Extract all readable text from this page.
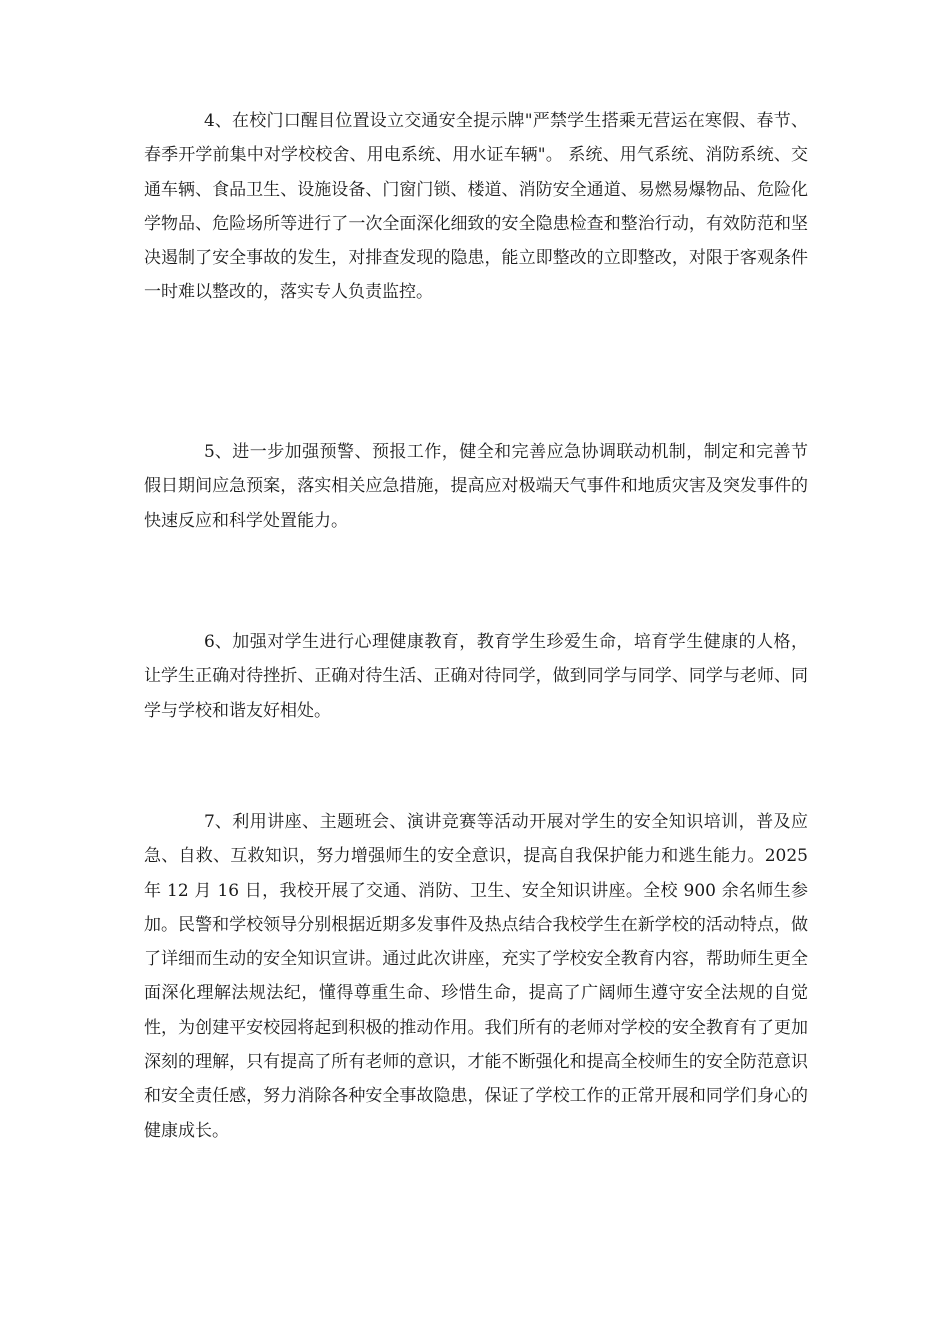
4、在校门口醒目位置设立交通安全提示牌"严禁学生搭乘无营运在寒假、春节、春季开学前集中对学校校舍、用电系统、用水证车辆"。 系统、用气系统、消防系统、交通车辆、食品卫生、设施设备、门窗门锁、楼道、消防安全通道、易燃易爆物品、危险化学物品、危险场所等进行了一次全面深化细致的安全隐患检查和整治行动，有效防范和坚决遏制了安全事故的发生，对排查发现的隐患，能立即整改的立即整改，对限于客观条件一时难以整改的，落实专人负责监控。

5、进一步加强预警、预报工作，健全和完善应急协调联动机制，制定和完善节假日期间应急预案，落实相关应急措施，提高应对极端天气事件和地质灾害及突发事件的快速反应和科学处置能力。

6、加强对学生进行心理健康教育，教育学生珍爱生命，培育学生健康的人格，让学生正确对待挫折、正确对待生活、正确对待同学，做到同学与同学、同学与老师、同学与学校和谐友好相处。

7、利用讲座、主题班会、演讲竞赛等活动开展对学生的安全知识培训，普及应急、自救、互救知识，努力增强师生的安全意识，提高自我保护能力和逃生能力。2025 年 12 月 16 日，我校开展了交通、消防、卫生、安全知识讲座。全校 900 余名师生参加。民警和学校领导分别根据近期多发事件及热点结合我校学生在新学校的活动特点，做了详细而生动的安全知识宣讲。通过此次讲座，充实了学校安全教育内容，帮助师生更全面深化理解法规法纪，懂得尊重生命、珍惜生命，提高了广阔师生遵守安全法规的自觉性，为创建平安校园将起到积极的推动作用。我们所有的老师对学校的安全教育有了更加深刻的理解，只有提高了所有老师的意识，才能不断强化和提高全校师生的安全防范意识和安全责任感，努力消除各种安全事故隐患，保证了学校工作的正常开展和同学们身心的健康成长。
